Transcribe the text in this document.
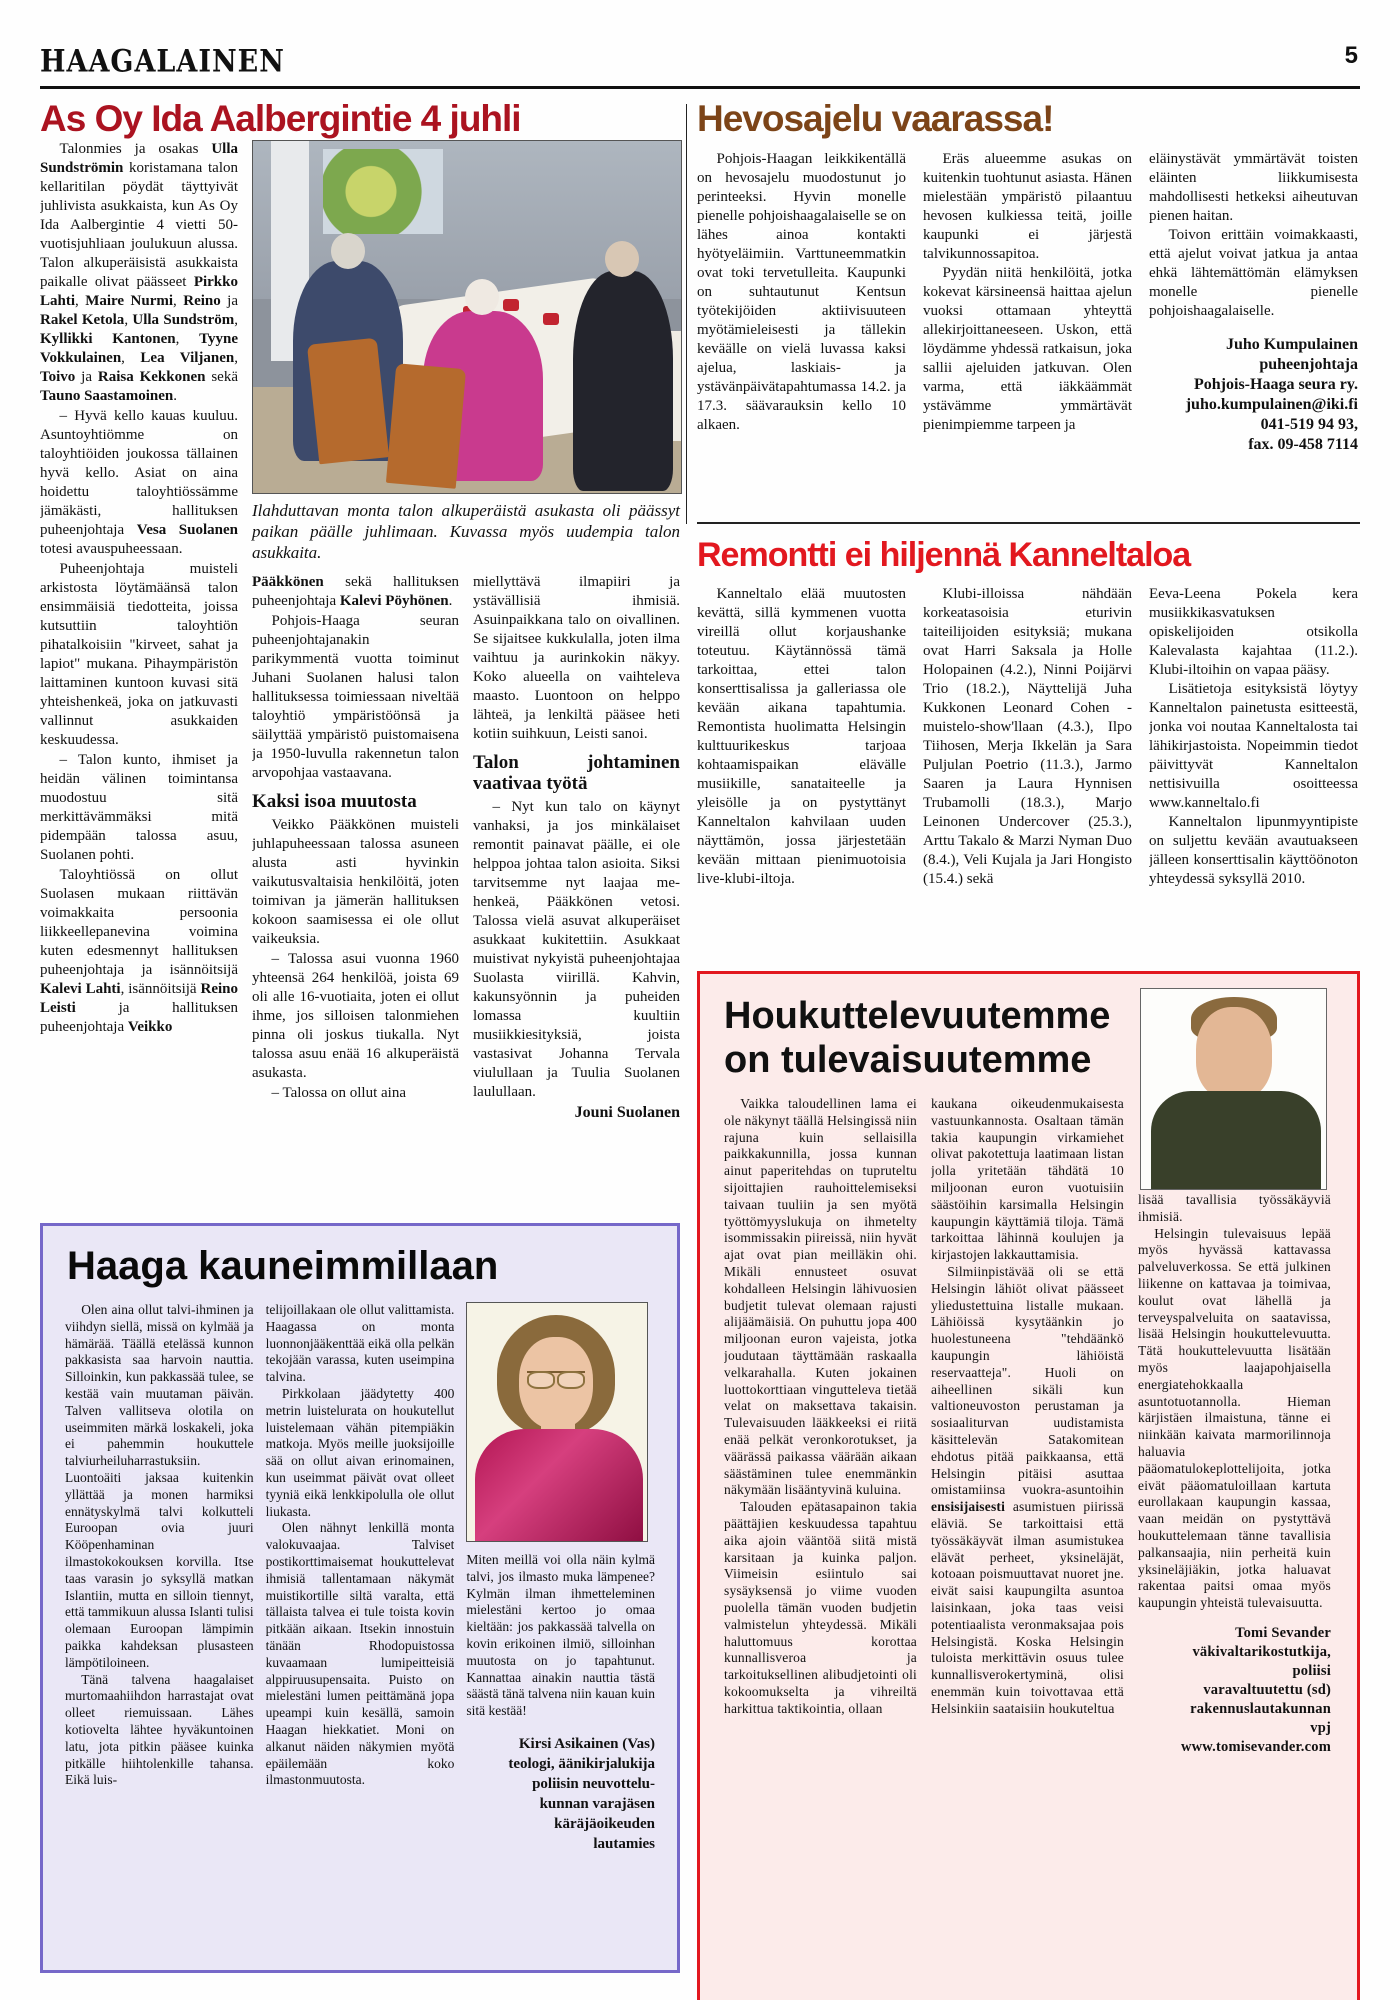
HAAGALAINEN	5
As Oy Ida Aalbergintie 4 juhli

Talonmies ja osakas Ulla Sundströmin koristamana talon kellaritilan pöydät täyttyivät juhlivista asukkaista, kun As Oy Ida Aalbergintie 4 vietti 50-vuotisjuhliaan joulukuun alussa. Talon alkuperäisistä asukkaista paikalle olivat päässeet Pirkko Lahti, Maire Nurmi, Reino ja Rakel Ketola, Ulla Sundström, Kyllikki Kantonen, Tyyne Vokkulainen, Lea Viljanen, Toivo ja Raisa Kekkonen sekä Tauno Saastamoinen.

– Hyvä kello kauas kuuluu. Asuntoyhtiömme on taloyhtiöiden joukossa tällainen hyvä kello. Asiat on aina hoidettu taloyhtiössämme jämäkästi, hallituksen puheenjohtaja Vesa Suolanen totesi avauspuheessaan.

Puheenjohtaja muisteli arkistosta löytämäänsä talon ensimmäisiä tiedotteita, joissa kutsuttiin taloyhtiön pihatalkoisiin "kirveet, sahat ja lapiot" mukana. Pihaympäristön laittaminen kuntoon kuvasi sitä yhteishenkeä, joka on jatkuvasti vallinnut asukkaiden keskuudessa.

– Talon kunto, ihmiset ja heidän välinen toimintansa muodostuu sitä merkittävämmäksi mitä pidempään talossa asuu, Suolanen pohti.

Taloyhtiössä on ollut Suolasen mukaan riittävän voimakkaita persoonia liikkeellepanevina voimina kuten edesmennyt hallituksen puheenjohtaja ja isännöitsijä Kalevi Lahti, isännöitsijä Reino Leisti ja hallituksen puheenjohtaja Veikko

Ilahduttavan monta talon alkuperäistä asukasta oli päässyt paikan päälle juhlimaan. Kuvassa myös uudempia talon asukkaita.

Pääkkönen sekä hallituksen puheenjohtaja Kalevi Pöyhönen.

Pohjois-Haaga seuran puheenjohtajanakin parikymmentä vuotta toiminut Juhani Suolanen halusi talon hallituksessa toimiessaan niveltää taloyhtiö ympäristöönsä ja säilyttää ympäristö puistomaisena ja 1950-luvulla rakennetun talon arvopohjaa vastaavana.

Kaksi isoa muutosta

Veikko Pääkkönen muisteli juhlapuheessaan talossa asuneen alusta asti hyvinkin vaikutusvaltaisia henkilöitä, joten toimivan ja jämerän hallituksen kokoon saamisessa ei ole ollut vaikeuksia.

– Talossa asui vuonna 1960 yhteensä 264 henkilöä, joista 69 oli alle 16-vuotiaita, joten ei ollut ihme, jos silloisen talonmiehen pinna oli joskus tiukalla. Nyt talossa asuu enää 16 alkuperäistä asukasta.

– Talossa on ollut aina

miellyttävä ilmapiiri ja ystävällisiä ihmisiä. Asuinpaikkana talo on oivallinen. Se sijaitsee kukkulalla, joten ilma vaihtuu ja aurinkokin näkyy. Koko alueella on vaihteleva maasto. Luontoon on helppo lähteä, ja lenkiltä pääsee heti kotiin suihkuun, Leisti sanoi.

Talon johtaminen vaativaa työtä

– Nyt kun talo on käynyt vanhaksi, ja jos minkälaiset remontit painavat päälle, ei ole helppoa johtaa talon asioita. Siksi tarvitsemme nyt laajaa me-henkeä, Pääkkönen vetosi. Talossa vielä asuvat alkuperäiset asukkaat kukitettiin. Asukkaat muistivat nykyistä puheenjohtajaa Suolasta viirillä. Kahvin, kakunsyönnin ja puheiden lomassa kuultiin musiikkiesityksiä, joista vastasivat Johanna Tervala viulullaan ja Tuulia Suolanen laulullaan.

Jouni Suolanen

Haaga kauneimmillaan

Olen aina ollut talvi-ihminen ja viihdyn siellä, missä on kylmää ja hämärää. Täällä etelässä kunnon pakkasista saa harvoin nauttia. Silloinkin, kun pakkassää tulee, se kestää vain muutaman päivän. Talven vallitseva olotila on useimmiten märkä loskakeli, joka ei pahemmin houkuttele talviurheiluharrastuksiin. Luontoäiti jaksaa kuitenkin yllättää ja monen harmiksi ennätyskylmä talvi kolkutteli Euroopan ovia juuri Kööpenhaminan ilmastokokouksen korvilla. Itse taas varasin jo syksyllä matkan Islantiin, mutta en silloin tiennyt, että tammikuun alussa Islanti tulisi olemaan Euroopan lämpimin paikka kahdeksan plusasteen lämpötiloineen.

Tänä talvena haagalaiset murtomaahiihdon harrastajat ovat olleet riemuissaan. Lähes kotiovelta lähtee hyväkuntoinen latu, jota pitkin pääsee kuinka pitkälle hiihtolenkille tahansa. Eikä luis-

telijoillakaan ole ollut valittamista. Haagassa on monta luonnonjääkenttää eikä olla pelkän tekojään varassa, kuten useimpina talvina.

Pirkkolaan jäädytetty 400 metrin luistelurata on houkutellut luistelemaan vähän pitempiäkin matkoja. Myös meille juoksijoille sää on ollut aivan erinomainen, kun useimmat päivät ovat olleet tyyniä eikä lenkkipolulla ole ollut liukasta.

Olen nähnyt lenkillä monta valokuvaajaa. Talviset postikorttimaisemat houkuttelevat ihmisiä tallentamaan näkymät muistikortille siltä varalta, että tällaista talvea ei tule toista kovin pitkään aikaan. Itsekin innostuin tänään Rhodopuistossa kuvaamaan lumipeitteisiä alppiruusupensaita. Puisto on mielestäni lumen peittämänä jopa upeampi kuin kesällä, samoin Haagan hiekkatiet. Moni on alkanut näiden näkymien myötä epäilemään koko ilmastonmuutosta.

Miten meillä voi olla näin kylmä talvi, jos ilmasto muka lämpenee? Kylmän ilman ihmetteleminen mielestäni kertoo jo omaa kieltään: jos pakkassää talvella on kovin erikoinen ilmiö, silloinhan muutosta on jo tapahtunut. Kannattaa ainakin nauttia tästä säästä tänä talvena niin kauan kuin sitä kestää!

Kirsi Asikainen (Vas)
teologi, äänikirjalukija
poliisin neuvottelu-
kunnan varajäsen
käräjäoikeuden
lautamies
Hevosajelu vaarassa!

Pohjois-Haagan leikkikentällä on hevosajelu muodostunut jo perinteeksi. Hyvin monelle pienelle pohjoishaagalaiselle se on lähes ainoa kontakti hyötyeläimiin. Varttuneemmatkin ovat toki tervetulleita. Kaupunki on suhtautunut Kentsun työtekijöiden aktiivisuuteen myötämieleisesti ja tällekin keväälle on vielä luvassa kaksi ajelua, laskiais- ja ystävänpäivätapahtumassa 14.2. ja 17.3. säävarauksin kello 10 alkaen.

Eräs alueemme asukas on kuitenkin tuohtunut asiasta. Hänen mielestään ympäristö pilaantuu hevosen kulkiessa teitä, joille kaupunki ei järjestä talvikunnossapitoa.

Pyydän niitä henkilöitä, jotka kokevat kärsineensä haittaa ajelun vuoksi ottamaan yhteyttä allekirjoittaneeseen. Uskon, että löydämme yhdessä ratkaisun, joka sallii ajeluiden jatkuvan. Olen varma, että iäkkäämmät ystävämme ymmärtävät pienimpiemme tarpeen ja

eläinystävät ymmärtävät toisten eläinten liikkumisesta mahdollisesti hetkeksi aiheutuvan pienen haitan.

Toivon erittäin voimakkaasti, että ajelut voivat jatkua ja antaa ehkä lähtemättömän elämyksen monelle pienelle pohjoishaagalaiselle.

Juho Kumpulainen
puheenjohtaja
Pohjois-Haaga seura ry.
juho.kumpulainen@iki.fi
041-519 94 93,
fax. 09-458 7114
Remontti ei hiljennä Kanneltaloa

Kanneltalo elää muutosten kevättä, sillä kymmenen vuotta vireillä ollut korjaushanke toteutuu. Käytännössä tämä tarkoittaa, ettei talon konserttisalissa ja galleriassa ole kevään aikana tapahtumia. Remontista huolimatta Helsingin kulttuurikeskus tarjoaa kohtaamispaikan elävälle musiikille, sanataiteelle ja yleisölle ja on pystyttänyt Kanneltalon kahvilaan uuden näyttämön, jossa järjestetään kevään mittaan pienimuotoisia live-klubi-iltoja.

Klubi-illoissa nähdään korkeatasoisia eturivin taiteilijoiden esityksiä; mukana ovat Harri Saksala ja Holle Holopainen (4.2.), Ninni Poijärvi Trio (18.2.), Näyttelijä Juha Kukkonen Leonard Cohen -muistelo-show'llaan (4.3.), Ilpo Tiihosen, Merja Ikkelän ja Sara Puljulan Poetrio (11.3.), Jarmo Saaren ja Laura Hynnisen Trubamolli (18.3.), Marjo Leinonen Undercover (25.3.), Arttu Takalo & Marzi Nyman Duo (8.4.), Veli Kujala ja Jari Hongisto (15.4.) sekä

Eeva-Leena Pokela kera musiikkikasvatuksen opiskelijoiden otsikolla Kalevalasta kajahtaa (11.2.). Klubi-iltoihin on vapaa pääsy.

Lisätietoja esityksistä löytyy Kanneltalon painetusta esitteestä, jonka voi noutaa Kanneltalosta tai lähikirjastoista. Nopeimmin tiedot päivittyvät Kanneltalon nettisivuilla osoitteessa www.kanneltalo.fi

Kanneltalon lipunmyyntipiste on suljettu kevään avautuakseen jälleen konserttisalin käyttöönoton yhteydessä syksyllä 2010.

Houkuttelevuutemme on tulevaisuutemme

Vaikka taloudellinen lama ei ole näkynyt täällä Helsingissä niin rajuna kuin sellaisilla paikkakunnilla, jossa kunnan ainut paperitehdas on tupruteltu sijoittajien rauhoittelemiseksi taivaan tuuliin ja sen myötä työttömyyslukuja on ihmetelty isommissakin piireissä, niin hyvät ajat ovat pian meilläkin ohi. Mikäli ennusteet osuvat kohdalleen Helsingin lähivuosien budjetit tulevat olemaan rajusti alijäämäisiä. On puhuttu jopa 400 miljoonan euron vajeista, jotka joudutaan täyttämään raskaalla velkarahalla. Kuten jokainen luottokorttiaan vingutteleva tietää velat on maksettava takaisin. Tulevaisuuden lääkkeeksi ei riitä enää pelkät veronkorotukset, ja väärässä paikassa väärään aikaan säästäminen tulee enemmänkin näkymään lisääntyvinä kuluina.

Talouden epätasapainon takia päättäjien keskuudessa tapahtuu aika ajoin vääntöä siitä mistä karsitaan ja kuinka paljon. Viimeisin esiintulo sai sysäyksensä jo viime vuoden puolella tämän vuoden budjetin valmistelun yhteydessä. Mikäli haluttomuus korottaa kunnallisveroa ja tarkoituksellinen alibudjetointi oli kokoomukselta ja vihreiltä harkittua taktikointia, ollaan

kaukana oikeudenmukaisesta vastuunkannosta. Osaltaan tämän takia kaupungin virkamiehet olivat pakotettuja laatimaan listan jolla yritetään tähdätä 10 miljoonan euron vuotuisiin säästöihin karsimalla Helsingin kaupungin käyttämiä tiloja. Tämä tarkoittaa lähinnä koulujen ja kirjastojen lakkauttamisia.

Silmiinpistävää oli se että Helsingin lähiöt olivat päässeet yliedustettuina listalle mukaan. Lähiöissä kysytäänkin jo huolestuneena "tehdäänkö kaupungin lähiöistä reservaatteja". Huoli on aiheellinen sikäli kun valtioneuvoston perustaman ja sosiaaliturvan uudistamista käsittelevän Satakomitean ehdotus pitää paikkaansa, että Helsingin pitäisi asuttaa omistamiinsa vuokra-asuntoihin ensisijaisesti asumistuen piirissä eläviä. Se tarkoittaisi että työssäkäyvät ilman asumistukea elävät perheet, yksineläjät, kotoaan poismuuttavat nuoret jne. eivät saisi kaupungilta asuntoa laisinkaan, joka taas veisi potentiaalista veronmaksajaa pois Helsingistä. Koska Helsingin tuloista merkittävin osuus tulee kunnallisverokertyminä, olisi enemmän kuin toivottavaa että Helsinkiin saataisiin houkuteltua

lisää tavallisia työssäkäyviä ihmisiä.

Helsingin tulevaisuus lepää myös hyvässä kattavassa palveluverkossa. Se että julkinen liikenne on kattavaa ja toimivaa, koulut ovat lähellä ja terveyspalveluita on saatavissa, lisää Helsingin houkuttelevuutta. Tätä houkuttelevuutta lisätään myös laajapohjaisella energiatehokkaalla asuntotuotannolla. Hieman kärjistäen ilmaistuna, tänne ei niinkään kaivata marmorilinnoja haluavia pääomatulokeplottelijoita, jotka eivät pääomatuloillaan kartuta eurollakaan kaupungin kassaa, vaan meidän on pystyttävä houkuttelemaan tänne tavallisia palkansaajia, niin perheitä kuin yksineläjiäkin, jotka haluavat rakentaa paitsi omaa myös kaupungin yhteistä tulevaisuutta.

Tomi Sevander
väkivaltarikostutkija,
poliisi
varavaltuutettu (sd)
rakennuslautakunnan
vpj
www.tomisevander.com
